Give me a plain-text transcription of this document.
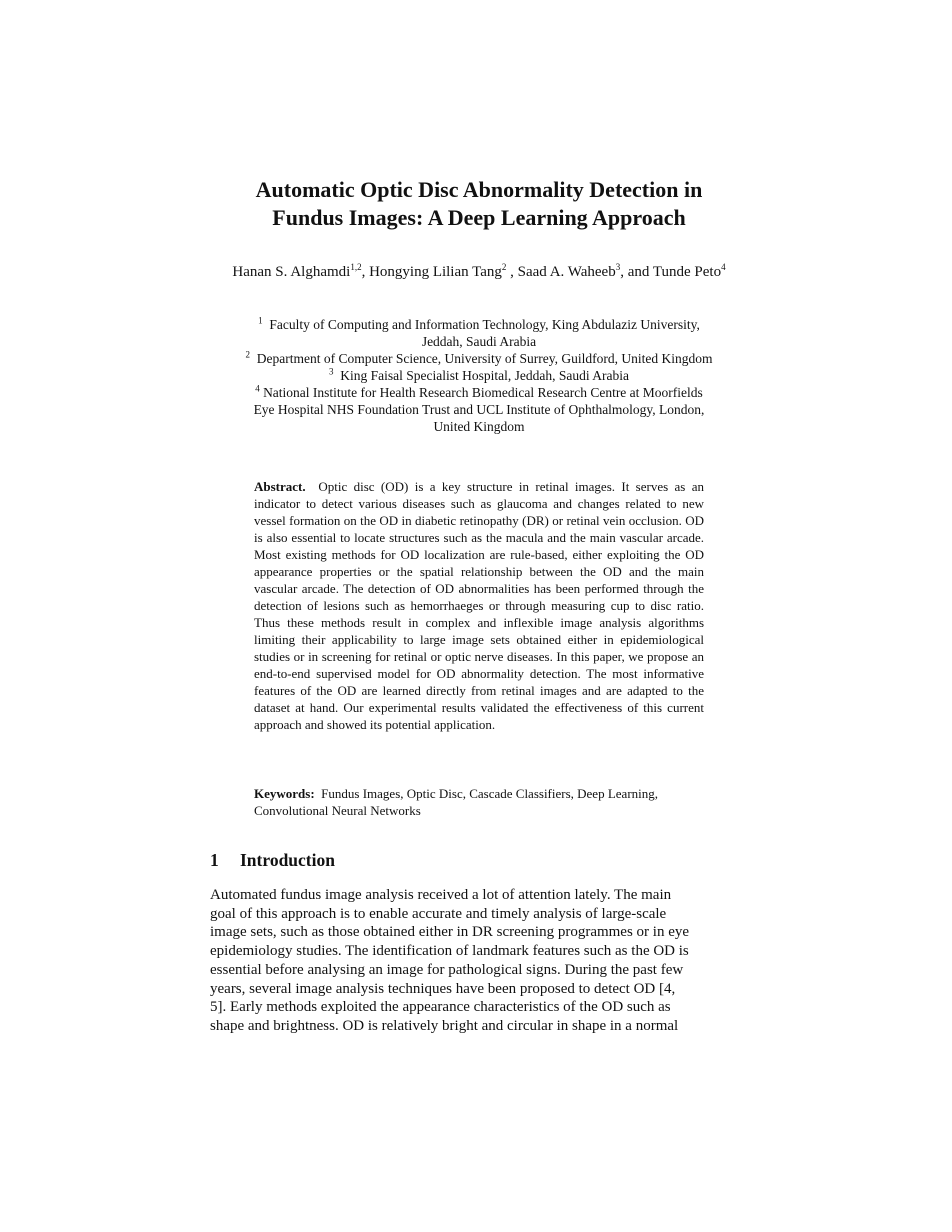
Automatic Optic Disc Abnormality Detection in
Fundus Images: A Deep Learning Approach
Hanan S. Alghamdi$^{1,2}$, Hongying Lilian Tang$^2$ , Saad A. Waheeb$^3$, and Tunde Peto$^4$
$^1$ Faculty of Computing and Information Technology, King Abdulaziz University,
Jeddah, Saudi Arabia
$^2$ Department of Computer Science, University of Surrey, Guildford, United Kingdom
$^3$ King Faisal Specialist Hospital, Jeddah, Saudi Arabia
$^4$ National Institute for Health Research Biomedical Research Centre at Moorfields
Eye Hospital NHS Foundation Trust and UCL Institute of Ophthalmology, London,
United Kingdom
Abstract. Optic disc (OD) is a key structure in retinal images. It serves as an indicator to detect various diseases such as glaucoma and changes related to new vessel formation on the OD in diabetic retinopathy (DR) or retinal vein occlusion. OD is also essential to locate structures such as the macula and the main vascular arcade. Most existing methods for OD localization are rule-based, either exploiting the OD appearance properties or the spatial relationship between the OD and the main vascular arcade. The detection of OD abnormalities has been performed through the detection of lesions such as hemorrhaeges or through measuring cup to disc ratio. Thus these methods result in complex and inflexible image analysis algorithms limiting their applicability to large image sets obtained either in epidemiological studies or in screening for retinal or optic nerve diseases. In this paper, we propose an end-to-end supervised model for OD abnormality detection. The most informative features of the OD are learned directly from retinal images and are adapted to the dataset at hand. Our experimental results validated the effectiveness of this current approach and showed its potential application.
Keywords: Fundus Images, Optic Disc, Cascade Classifiers, Deep Learning, Convolutional Neural Networks
1 Introduction
Automated fundus image analysis received a lot of attention lately. The main
goal of this approach is to enable accurate and timely analysis of large-scale
image sets, such as those obtained either in DR screening programmes or in eye
epidemiology studies. The identification of landmark features such as the OD is
essential before analysing an image for pathological signs. During the past few
years, several image analysis techniques have been proposed to detect OD [4,
5]. Early methods exploited the appearance characteristics of the OD such as
shape and brightness. OD is relatively bright and circular in shape in a normal
